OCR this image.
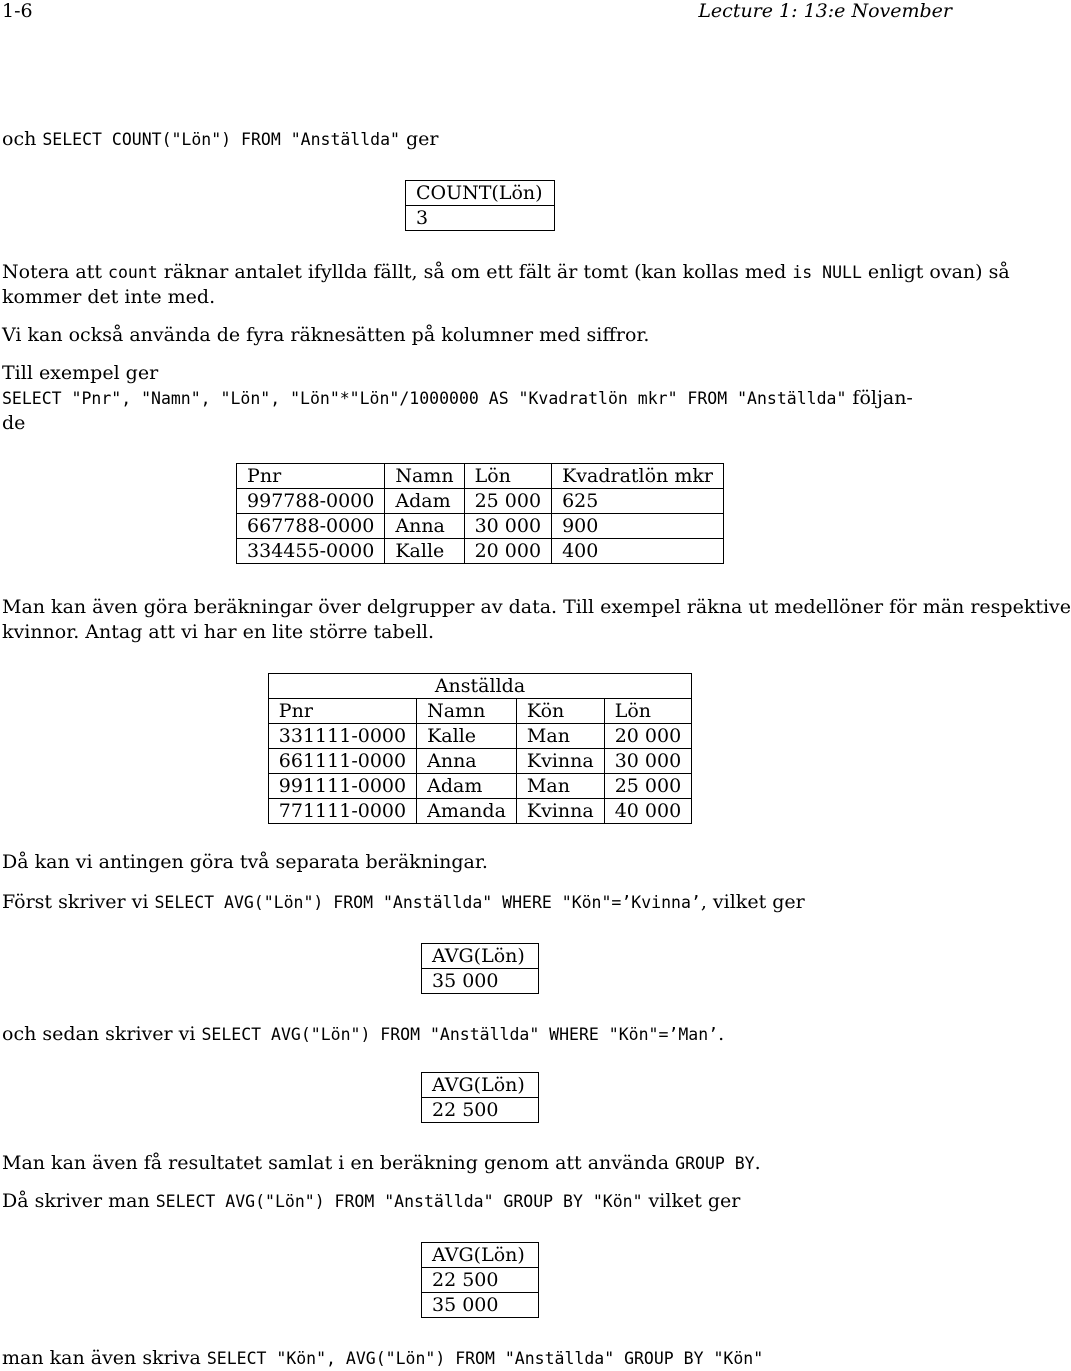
1-6	Lecture 1: 13:e November
och SELECT COUNT("Lön") FROM "Anställda" ger
COUNT(Lön)
3
Notera att count räknar antalet ifyllda fällt, så om ett fält är tomt (kan kollas med is NULL enligt ovan) så
kommer det inte med.
Vi kan också använda de fyra räknesätten på kolumner med siffror.
Till exempel ger
SELECT "Pnr", "Namn", "Lön", "Lön"*"Lön"/1000000 AS "Kvadratlön mkr" FROM "Anställda" följan-
de
Pnr	Namn	Lön	Kvadratlön mkr
997788-0000	Adam	25 000	625
667788-0000	Anna	30 000	900
334455-0000	Kalle	20 000	400
Man kan även göra beräkningar över delgrupper av data. Till exempel räkna ut medellöner för män respektive
kvinnor. Antag att vi har en lite större tabell.
Anställda			
Pnr	Namn	Kön	Lön
331111-0000	Kalle	Man	20 000
661111-0000	Anna	Kvinna	30 000
991111-0000	Adam	Man	25 000
771111-0000	Amanda	Kvinna	40 000
Då kan vi antingen göra två separata beräkningar.
Först skriver vi SELECT AVG("Lön") FROM "Anställda" WHERE "Kön"=’Kvinna’, vilket ger
AVG(Lön)
35 000
och sedan skriver vi SELECT AVG("Lön") FROM "Anställda" WHERE "Kön"=’Man’.
AVG(Lön)
22 500
Man kan även få resultatet samlat i en beräkning genom att använda GROUP BY.
Då skriver man SELECT AVG("Lön") FROM "Anställda" GROUP BY "Kön" vilket ger
AVG(Lön)
22 500
35 000
man kan även skriva SELECT "Kön", AVG("Lön") FROM "Anställda" GROUP BY "Kön"
